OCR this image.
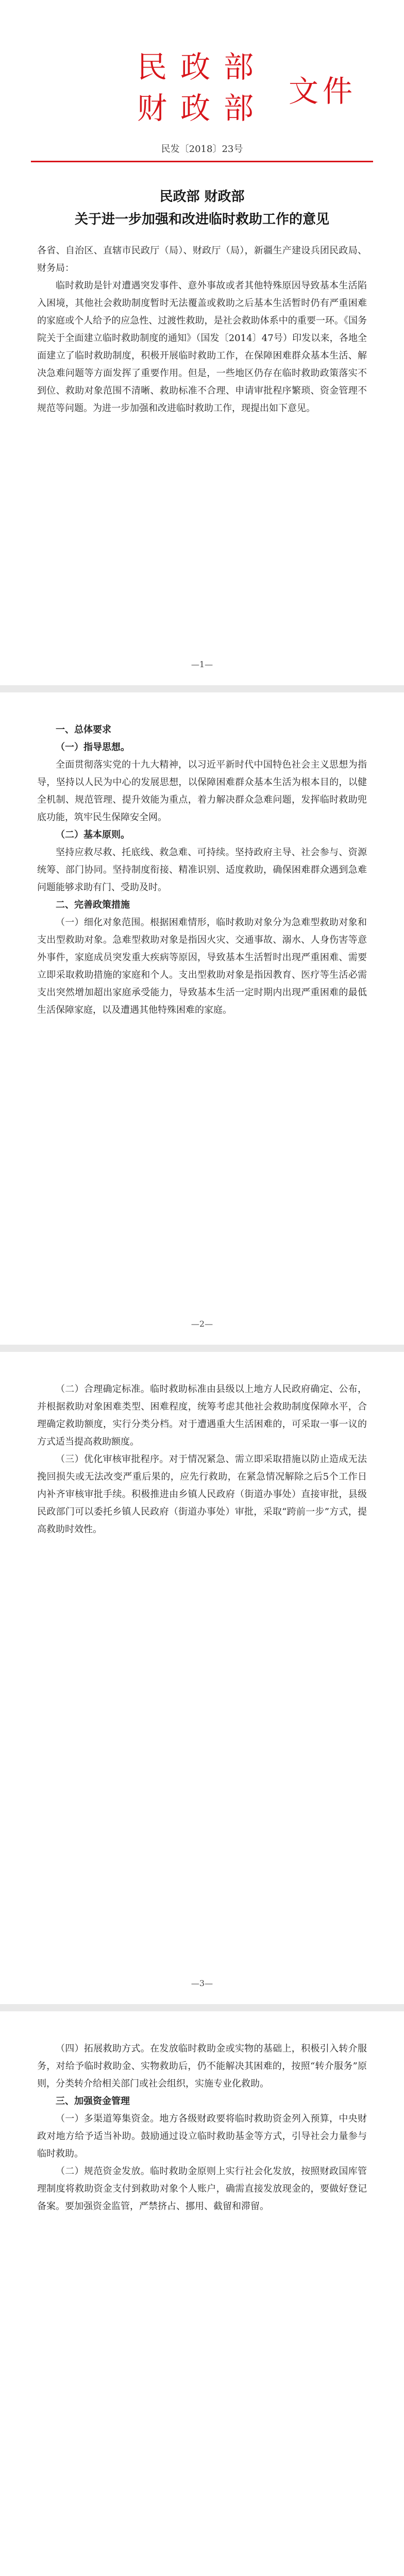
民政部
财政部 文件
民发〔2018〕23号
民政部 财政部
关于进一步加强和改进临时救助工作的意见

各省、自治区、直辖市民政厅（局）、财政厅（局），新疆生产建设兵团民政局、财务局：

临时救助是针对遭遇突发事件、意外事故或者其他特殊原因导致基本生活陷入困境，其他社会救助制度暂时无法覆盖或救助之后基本生活暂时仍有严重困难的家庭或个人给予的应急性、过渡性救助，是社会救助体系中的重要一环。《国务院关于全面建立临时救助制度的通知》（国发〔2014〕47号）印发以来，各地全面建立了临时救助制度，积极开展临时救助工作，在保障困难群众基本生活、解决急难问题等方面发挥了重要作用。但是，一些地区仍存在临时救助政策落实不到位、救助对象范围不清晰、救助标准不合理、申请审批程序繁琐、资金管理不规范等问题。为进一步加强和改进临时救助工作，现提出如下意见。

—1—
一、总体要求
（一）指导思想。

全面贯彻落实党的十九大精神，以习近平新时代中国特色社会主义思想为指导，坚持以人民为中心的发展思想，以保障困难群众基本生活为根本目的，以健全机制、规范管理、提升效能为重点，着力解决群众急难问题，发挥临时救助兜底功能，筑牢民生保障安全网。

（二）基本原则。

坚持应救尽救、托底线、救急难、可持续。坚持政府主导、社会参与、资源统筹、部门协同。坚持制度衔接、精准识别、适度救助，确保困难群众遇到急难问题能够求助有门、受助及时。

二、完善政策措施

（一）细化对象范围。根据困难情形，临时救助对象分为急难型救助对象和支出型救助对象。急难型救助对象是指因火灾、交通事故、溺水、人身伤害等意外事件，家庭成员突发重大疾病等原因，导致基本生活暂时出现严重困难、需要立即采取救助措施的家庭和个人。支出型救助对象是指因教育、医疗等生活必需支出突然增加超出家庭承受能力，导致基本生活一定时期内出现严重困难的最低生活保障家庭，以及遭遇其他特殊困难的家庭。

—2—

（二）合理确定标准。临时救助标准由县级以上地方人民政府确定、公布，并根据救助对象困难类型、困难程度，统筹考虑其他社会救助制度保障水平，合理确定救助额度，实行分类分档。对于遭遇重大生活困难的，可采取一事一议的方式适当提高救助额度。

（三）优化审核审批程序。对于情况紧急、需立即采取措施以防止造成无法挽回损失或无法改变严重后果的，应先行救助，在紧急情况解除之后5个工作日内补齐审核审批手续。积极推进由乡镇人民政府（街道办事处）直接审批，县级民政部门可以委托乡镇人民政府（街道办事处）审批，采取“跨前一步”方式，提高救助时效性。

—3—

（四）拓展救助方式。在发放临时救助金或实物的基础上，积极引入转介服务，对给予临时救助金、实物救助后，仍不能解决其困难的，按照“转介服务”原则，分类转介给相关部门或社会组织，实施专业化救助。

三、加强资金管理

（一）多渠道筹集资金。地方各级财政要将临时救助资金列入预算，中央财政对地方给予适当补助。鼓励通过设立临时救助基金等方式，引导社会力量参与临时救助。

（二）规范资金发放。临时救助金原则上实行社会化发放，按照财政国库管理制度将救助资金支付到救助对象个人账户，确需直接发放现金的，要做好登记备案。要加强资金监管，严禁挤占、挪用、截留和滞留。
